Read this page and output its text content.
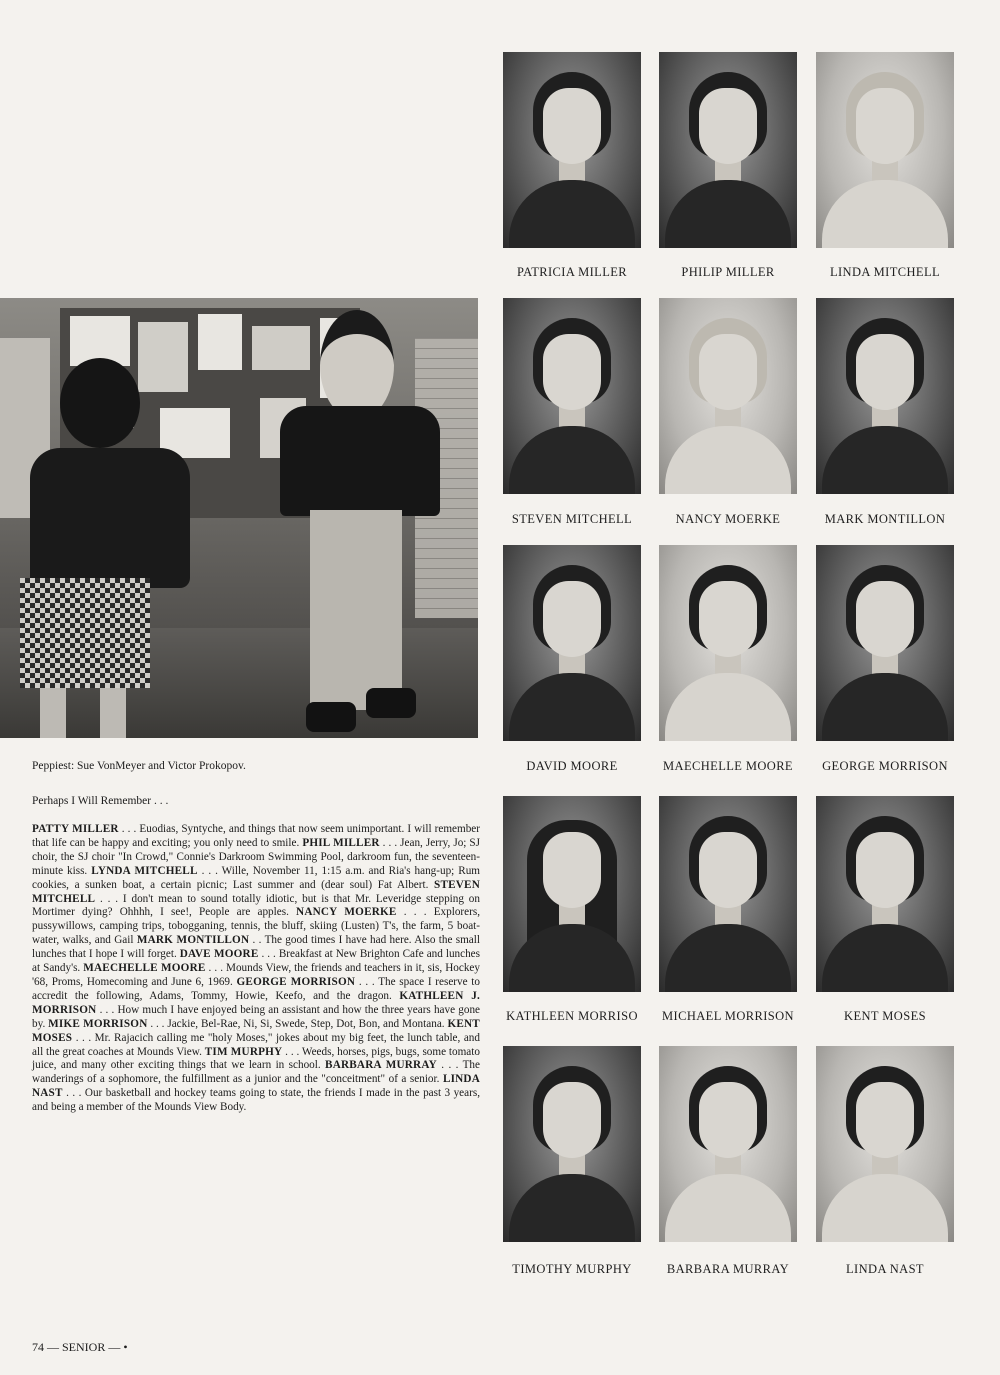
PATRICIA MILLER	PHILIP MILLER	LINDA MITCHELL
STEVEN MITCHELL	NANCY MOERKE	MARK MONTILLON
DAVID MOORE	MAECHELLE MOORE	GEORGE MORRISON
KATHLEEN MORRISO	MICHAEL MORRISON	KENT MOSES
TIMOTHY MURPHY	BARBARA MURRAY	LINDA NAST
Peppiest: Sue VonMeyer and Victor Prokopov.
Perhaps I Will Remember . . .
PATTY MILLER . . . Euodias, Syntyche, and things that now seem unimportant. I will remember that life can be happy and exciting; you only need to smile. PHIL MILLER . . . Jean, Jerry, Jo; SJ choir, the SJ choir "In Crowd," Connie's Darkroom Swimming Pool, darkroom fun, the seventeen-minute kiss. LYNDA MITCHELL . . . Wille, November 11, 1:15 a.m. and Ria's hang-up; Rum cookies, a sunken boat, a certain picnic; Last summer and (dear soul) Fat Albert. STEVEN MITCHELL . . . I don't mean to sound totally idiotic, but is that Mr. Leveridge stepping on Mortimer dying? Ohhhh, I see!, People are apples. NANCY MOERKE . . . Explorers, pussywillows, camping trips, tobogganing, tennis, the bluff, skiing (Lusten) T's, the farm, 5 boat-water, walks, and Gail MARK MONTILLON . . The good times I have had here. Also the small lunches that I hope I will forget. DAVE MOORE . . . Breakfast at New Brighton Cafe and lunches at Sandy's. MAECHELLE MOORE . . . Mounds View, the friends and teachers in it, sis, Hockey '68, Proms, Homecoming and June 6, 1969. GEORGE MORRISON . . . The space I reserve to accredit the following, Adams, Tommy, Howie, Keefo, and the dragon. KATHLEEN J. MORRISON . . . How much I have enjoyed being an assistant and how the three years have gone by. MIKE MORRISON . . . Jackie, Bel-Rae, Ni, Si, Swede, Step, Dot, Bon, and Montana. KENT MOSES . . . Mr. Rajacich calling me "holy Moses," jokes about my big feet, the lunch table, and all the great coaches at Mounds View. TIM MURPHY . . . Weeds, horses, pigs, bugs, some tomato juice, and many other exciting things that we learn in school. BARBARA MURRAY . . . The wanderings of a sophomore, the fulfillment as a junior and the "conceitment" of a senior. LINDA NAST . . . Our basketball and hockey teams going to state, the friends I made in the past 3 years, and being a member of the Mounds View Body.
74 — SENIOR — •
